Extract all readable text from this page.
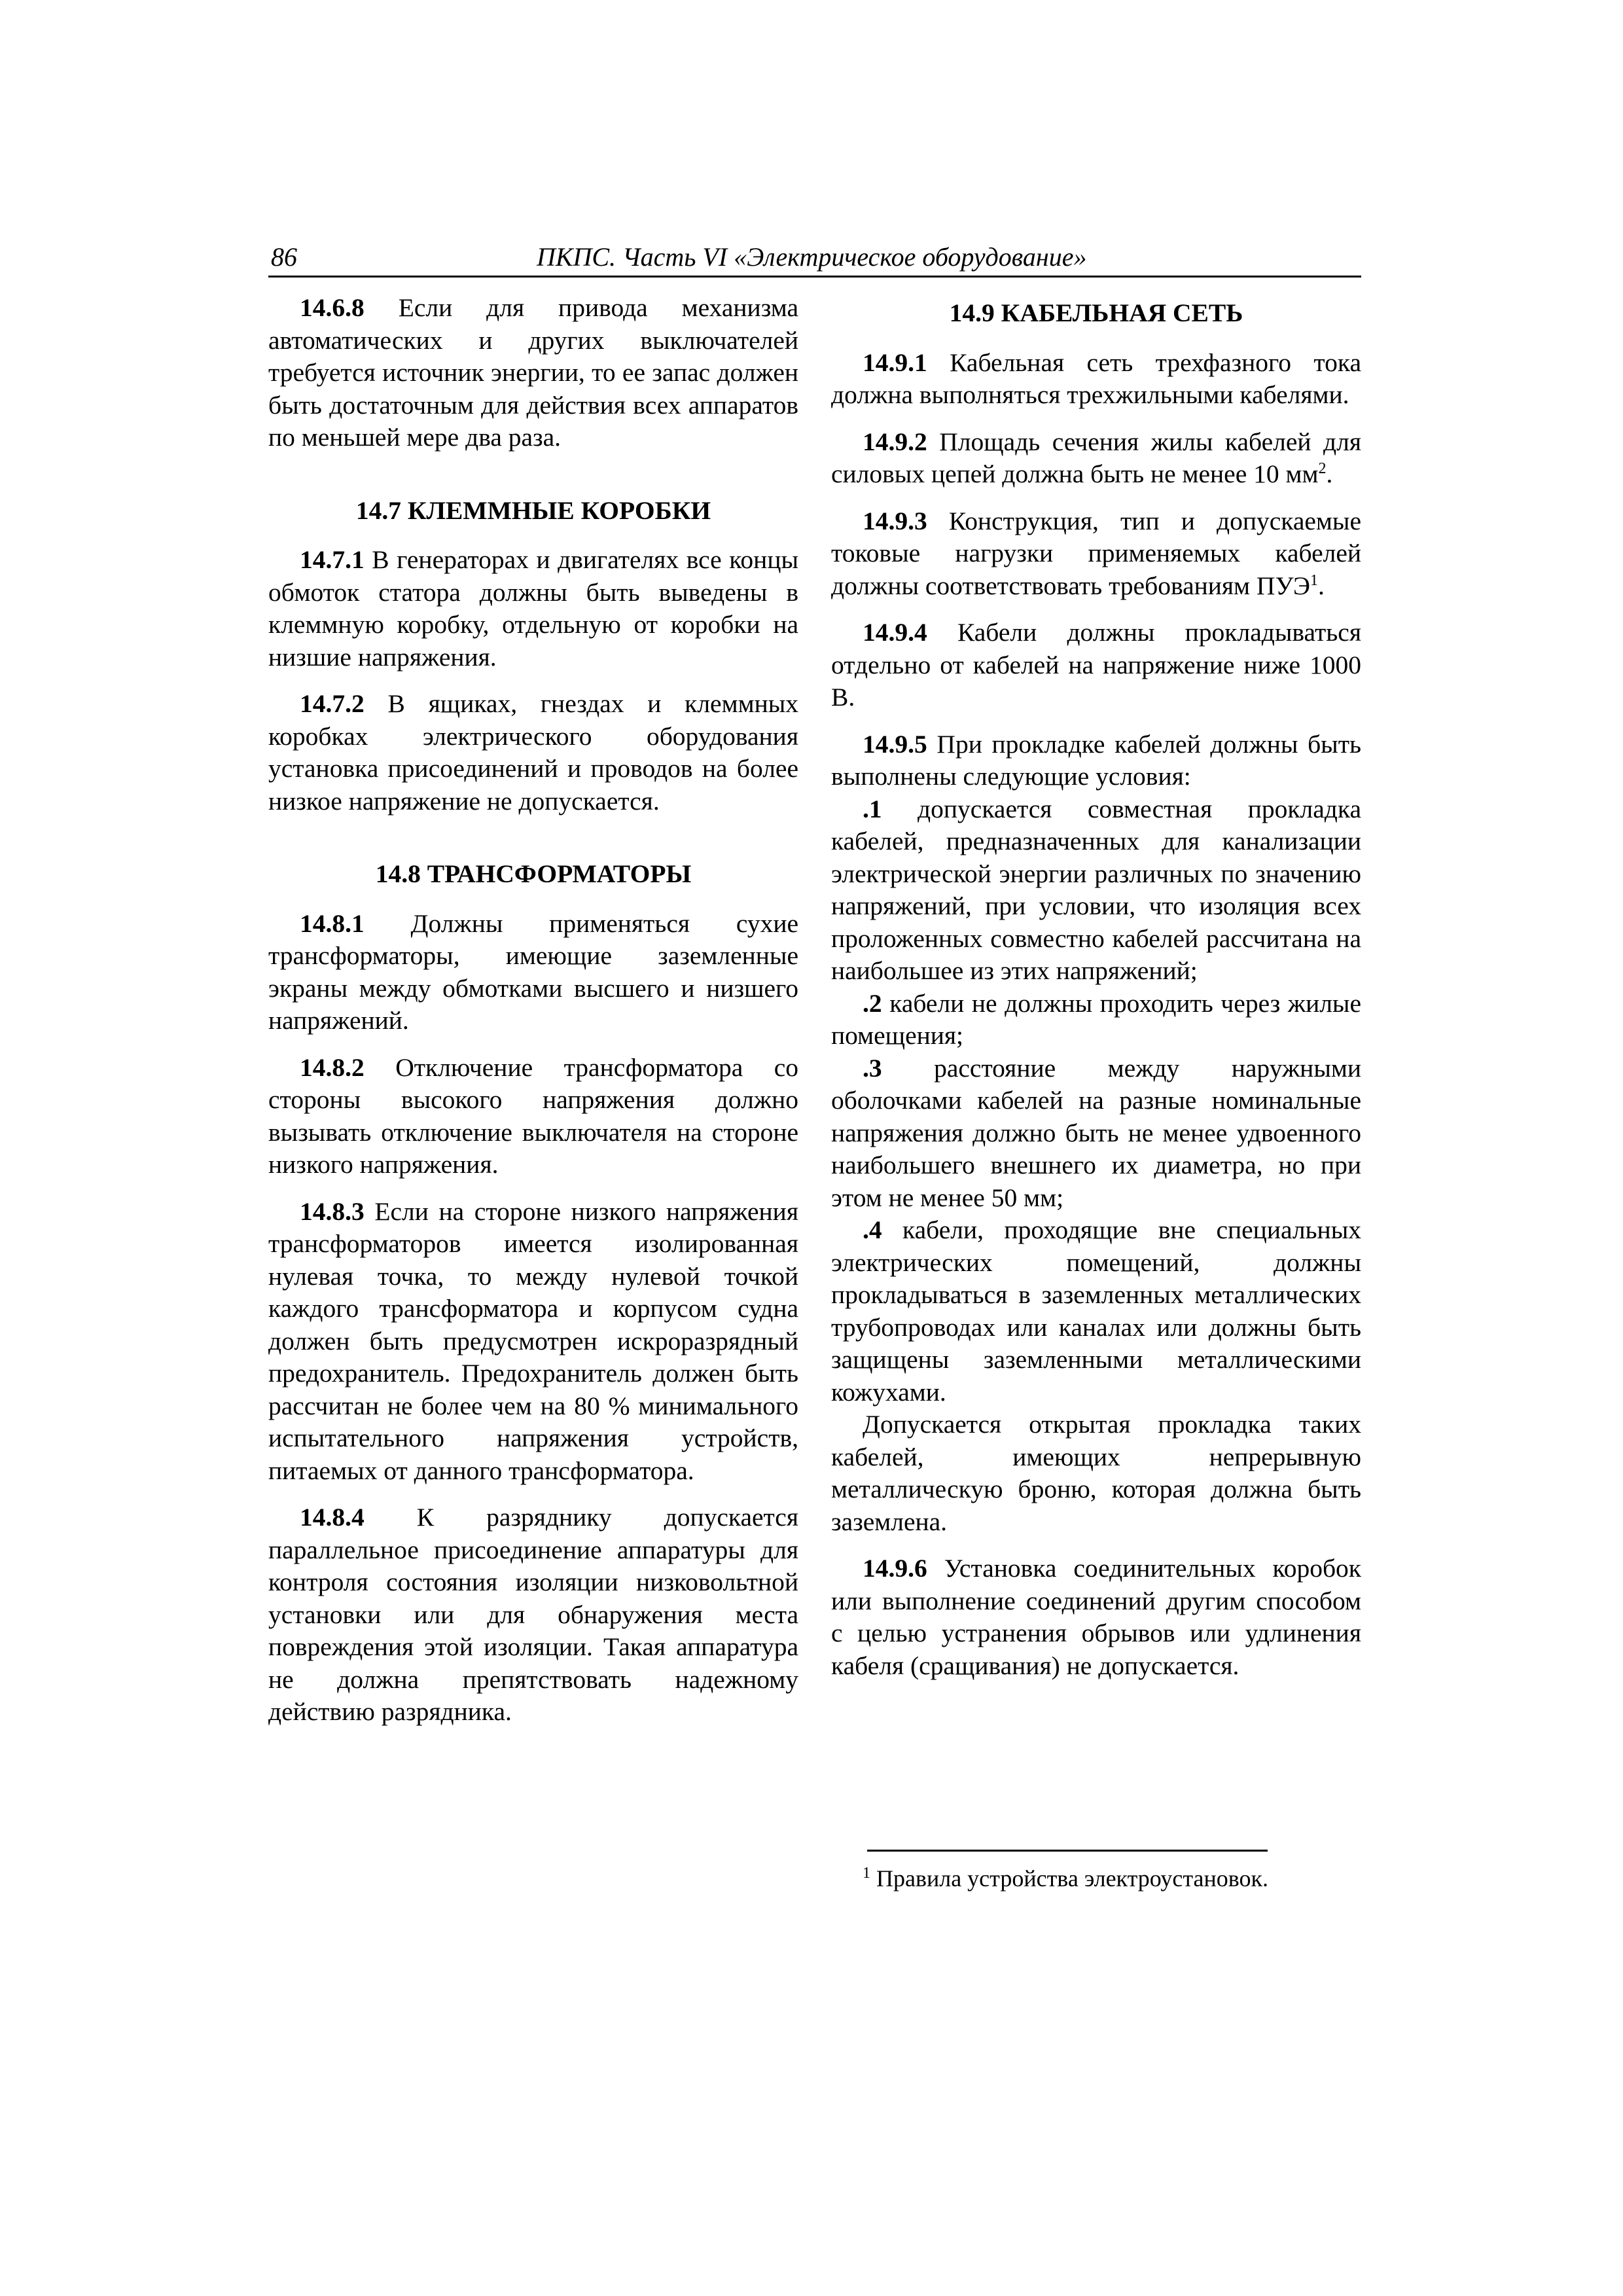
86	ПКПС. Часть VI «Электрическое оборудование»

14.6.8 Если для привода механизма автоматических и других выключателей требуется источник энергии, то ее запас должен быть достаточным для действия всех аппаратов по меньшей мере два раза.

14.7 КЛЕММНЫЕ КОРОБКИ

14.7.1 В генераторах и двигателях все концы обмоток статора должны быть выведены в клеммную коробку, отдельную от коробки на низшие напряжения.

14.7.2 В ящиках, гнездах и клеммных коробках электрического оборудования установка присоединений и проводов на более низкое напряжение не допускается.

14.8 ТРАНСФОРМАТОРЫ

14.8.1 Должны применяться сухие трансформаторы, имеющие заземленные экраны между обмотками высшего и низшего напряжений.

14.8.2 Отключение трансформатора со стороны высокого напряжения должно вызывать отключение выключателя на стороне низкого напряжения.

14.8.3 Если на стороне низкого напряжения трансформаторов имеется изолированная нулевая точка, то между нулевой точкой каждого трансформатора и корпусом судна должен быть предусмотрен искроразрядный предохранитель. Предохранитель должен быть рассчитан не более чем на 80 % минимального испытательного напряжения устройств, питаемых от данного трансформатора.

14.8.4 К разряднику допускается параллельное присоединение аппаратуры для контроля состояния изоляции низковольтной установки или для обнаружения места повреждения этой изоляции. Такая аппаратура не должна препятствовать надежному действию разрядника.

14.9 КАБЕЛЬНАЯ СЕТЬ

14.9.1 Кабельная сеть трехфазного тока должна выполняться трехжильными кабелями.

14.9.2 Площадь сечения жилы кабелей для силовых цепей должна быть не менее 10 $мм^2$.

14.9.3 Конструкция, тип и допускаемые токовые нагрузки применяемых кабелей должны соответствовать требованиям ПУЭ$^1$.

14.9.4 Кабели должны прокладываться отдельно от кабелей на напряжение ниже 1000 В.

14.9.5 При прокладке кабелей должны быть выполнены следующие условия:

.1 допускается совместная прокладка кабелей, предназначенных для канализации электрической энергии различных по значению напряжений, при условии, что изоляция всех проложенных совместно кабелей рассчитана на наибольшее из этих напряжений;

.2 кабели не должны проходить через жилые помещения;

.3 расстояние между наружными оболочками кабелей на разные номинальные напряжения должно быть не менее удвоенного наибольшего внешнего их диаметра, но при этом не менее 50 мм;

.4 кабели, проходящие вне специальных электрических помещений, должны прокладываться в заземленных металлических трубопроводах или каналах или должны быть защищены заземленными металлическими кожухами.

Допускается открытая прокладка таких кабелей, имеющих непрерывную металлическую броню, которая должна быть заземлена.

14.9.6 Установка соединительных коробок или выполнение соединений другим способом с целью устранения обрывов или удлинения кабеля (сращивания) не допускается.

$^1$ Правила устройства электроустановок.
